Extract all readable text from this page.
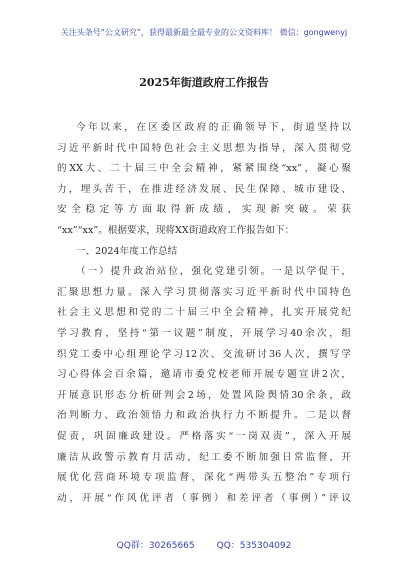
关注头条号“公文研究”，获得最新最全最专业的公文资料库！ 微信：gongwenyj
2025年街道政府工作报告
今年以来，在区委区政府的正确领导下，街道坚持以
习近平新时代中国特色社会主义思想为指导，深入贯彻党
的XX大、二十届三中全会精神，紧紧围绕“xx”，凝心聚
力，埋头苦干，在推进经济发展、民生保障、城市建设、
安全稳定等方面取得新成绩，实现新突破。荣获
“xx”“xx”。根据要求，现将XX街道政府工作报告如下：
一、2024年度工作总结
（一）提升政治站位，强化党建引领。一是以学促干，
汇聚思想力量。深入学习贯彻落实习近平新时代中国特色
社会主义思想和党的二十届三中全会精神，扎实开展党纪
学习教育，坚持“第一议题”制度，开展学习40余次，组
织党工委中心组理论学习12次、交流研讨36人次，撰写学
习心得体会百余篇，邀请市委党校老师开展专题宣讲2次，
开展意识形态分析研判会2场，处置风险舆情30余条，政
治判断力、政治领悟力和政治执行力不断提升。二是以督
促责，巩固廉政建设。严格落实“一岗双责”，深入开展
廉洁从政警示教育月活动，纪工委不断加强日常监督，开
展优化营商环境专项监督，深化“两带头五整治”专项行
动，开展“作风优评者（事例）和差评者（事例）”评议
QQ群：30265665 QQ：535304092
